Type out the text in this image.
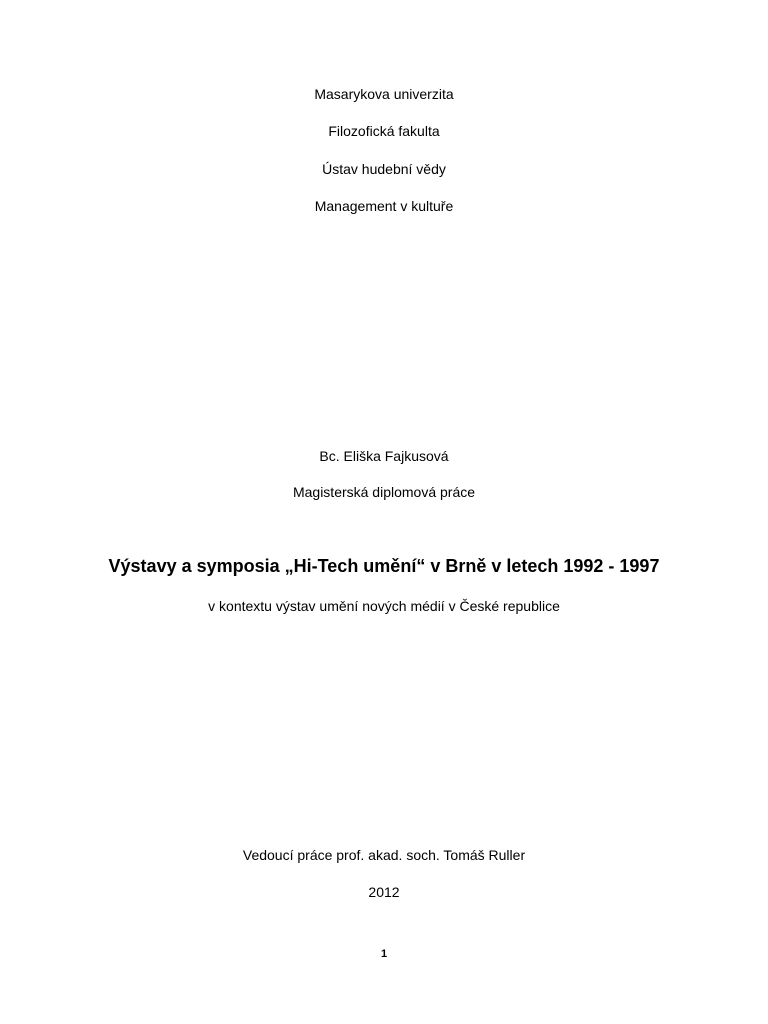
Masarykova univerzita
Filozofická fakulta
Ústav hudební vědy
Management v kultuře
Bc. Eliška Fajkusová
Magisterská diplomová práce
Výstavy a symposia „Hi-Tech umění“ v Brně v letech 1992 - 1997
v kontextu výstav umění nových médií v České republice
Vedoucí práce prof. akad. soch. Tomáš Ruller
2012
1
